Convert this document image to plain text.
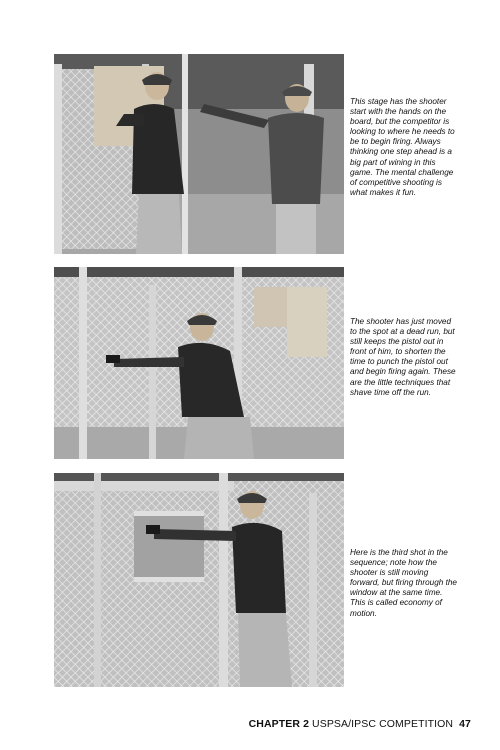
This stage has the shooter start with the hands on the board, but the competitor is looking to where he needs to be to begin firing. Always thinking one step ahead is a big part of wining in this game. The mental challenge of competitive shooting is what makes it fun.
The shooter has just moved to the spot at a dead run, but still keeps the pistol out in front of him, to shorten the time to punch the pistol out and begin firing again. These are the little techniques that shave time off the run.
Here is the third shot in the sequence; note how the shooter is still moving forward, but firing through the window at the same time. This is called economy of motion.
CHAPTER 2 USPSA/IPSC COMPETITION 47
